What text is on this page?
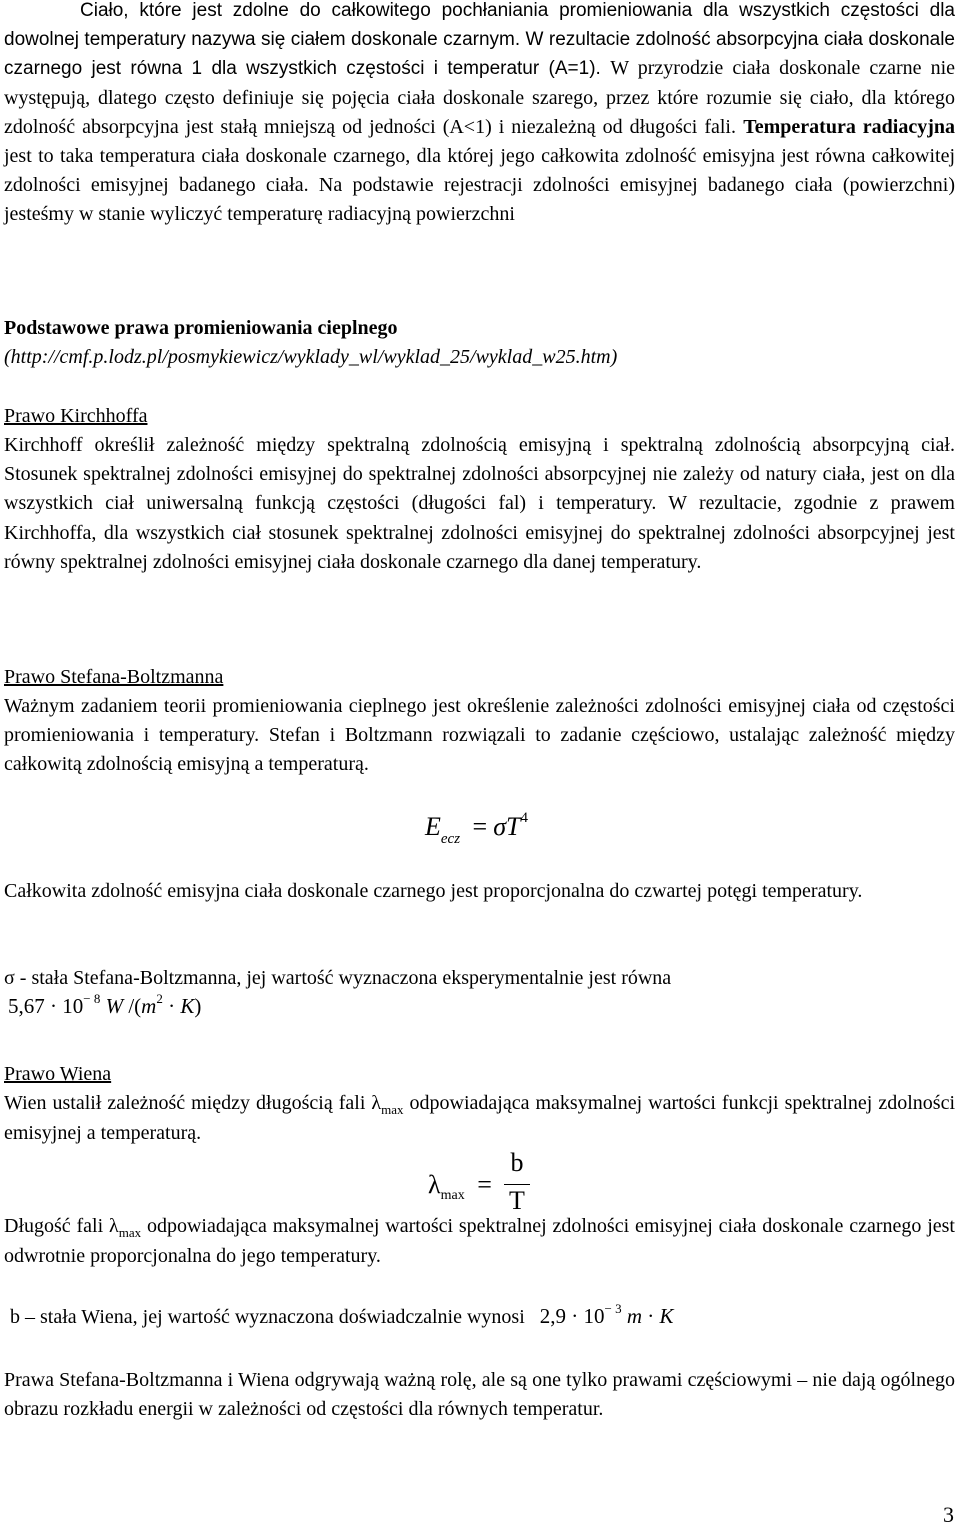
Ciało, które jest zdolne do całkowitego pochłaniania promieniowania dla wszystkich częstości dla dowolnej temperatury nazywa się ciałem doskonale czarnym. W rezultacie zdolność absorpcyjna ciała doskonale czarnego jest równa 1 dla wszystkich częstości i temperatur (A=1). W przyrodzie ciała doskonale czarne nie występują, dlatego często definiuje się pojęcia ciała doskonale szarego, przez które rozumie się ciało, dla którego zdolność absorpcyjna jest stałą mniejszą od jedności (A<1) i niezależną od długości fali. Temperatura radiacyjna jest to taka temperatura ciała doskonale czarnego, dla której jego całkowita zdolność emisyjna jest równa całkowitej zdolności emisyjnej badanego ciała. Na podstawie rejestracji zdolności emisyjnej badanego ciała (powierzchni) jesteśmy w stanie wyliczyć temperaturę radiacyjną powierzchni

Podstawowe prawa promieniowania cieplnego

(http://cmf.p.lodz.pl/posmykiewicz/wyklady_wl/wyklad_25/wyklad_w25.htm)

Prawo Kirchhoffa

Kirchhoff określił zależność między spektralną zdolnością emisyjną i spektralną zdolnością absorpcyjną ciał. Stosunek spektralnej zdolności emisyjnej do spektralnej zdolności absorpcyjnej nie zależy od natury ciała, jest on dla wszystkich ciał uniwersalną funkcją częstości (długości fal) i temperatury. W rezultacie, zgodnie z prawem Kirchhoffa, dla wszystkich ciał stosunek spektralnej zdolności emisyjnej do spektralnej zdolności absorpcyjnej jest równy spektralnej zdolności emisyjnej ciała doskonale czarnego dla danej temperatury.

Prawo Stefana-Boltzmanna

Ważnym zadaniem teorii promieniowania cieplnego jest określenie zależności zdolności emisyjnej ciała od częstości promieniowania i temperatury. Stefan i Boltzmann rozwiązali to zadanie częściowo, ustalając zależność między całkowitą zdolnością emisyjną a temperaturą.

$E_{ecz} = \sigma T^4$

Całkowita zdolność emisyjna ciała doskonale czarnego jest proporcjonalna do czwartej potęgi temperatury.

σ - stała Stefana-Boltzmanna, jej wartość wyznaczona eksperymentalnie jest równa

$5,67 \cdot 10^{- 8}$ W $/(m^2 \cdot K)$

Prawo Wiena

Wien ustalił zależność między długością fali $\lambda_{max}$ odpowiadająca maksymalnej wartości funkcji spektralnej zdolności emisyjnej a temperaturą.

$\lambda_{max}$ =
b
T

Długość fali $\lambda_{max}$ odpowiadająca maksymalnej wartości spektralnej zdolności emisyjnej ciała doskonale czarnego jest odwrotnie proporcjonalna do jego temperatury.

b – stała Wiena, jej wartość wyznaczona doświadczalnie wynosi $2,9 \cdot 10^{- 3}$ m · K

Prawa Stefana-Boltzmanna i Wiena odgrywają ważną rolę, ale są one tylko prawami częściowymi – nie dają ogólnego obrazu rozkładu energii w zależności od częstości dla równych temperatur.

3
